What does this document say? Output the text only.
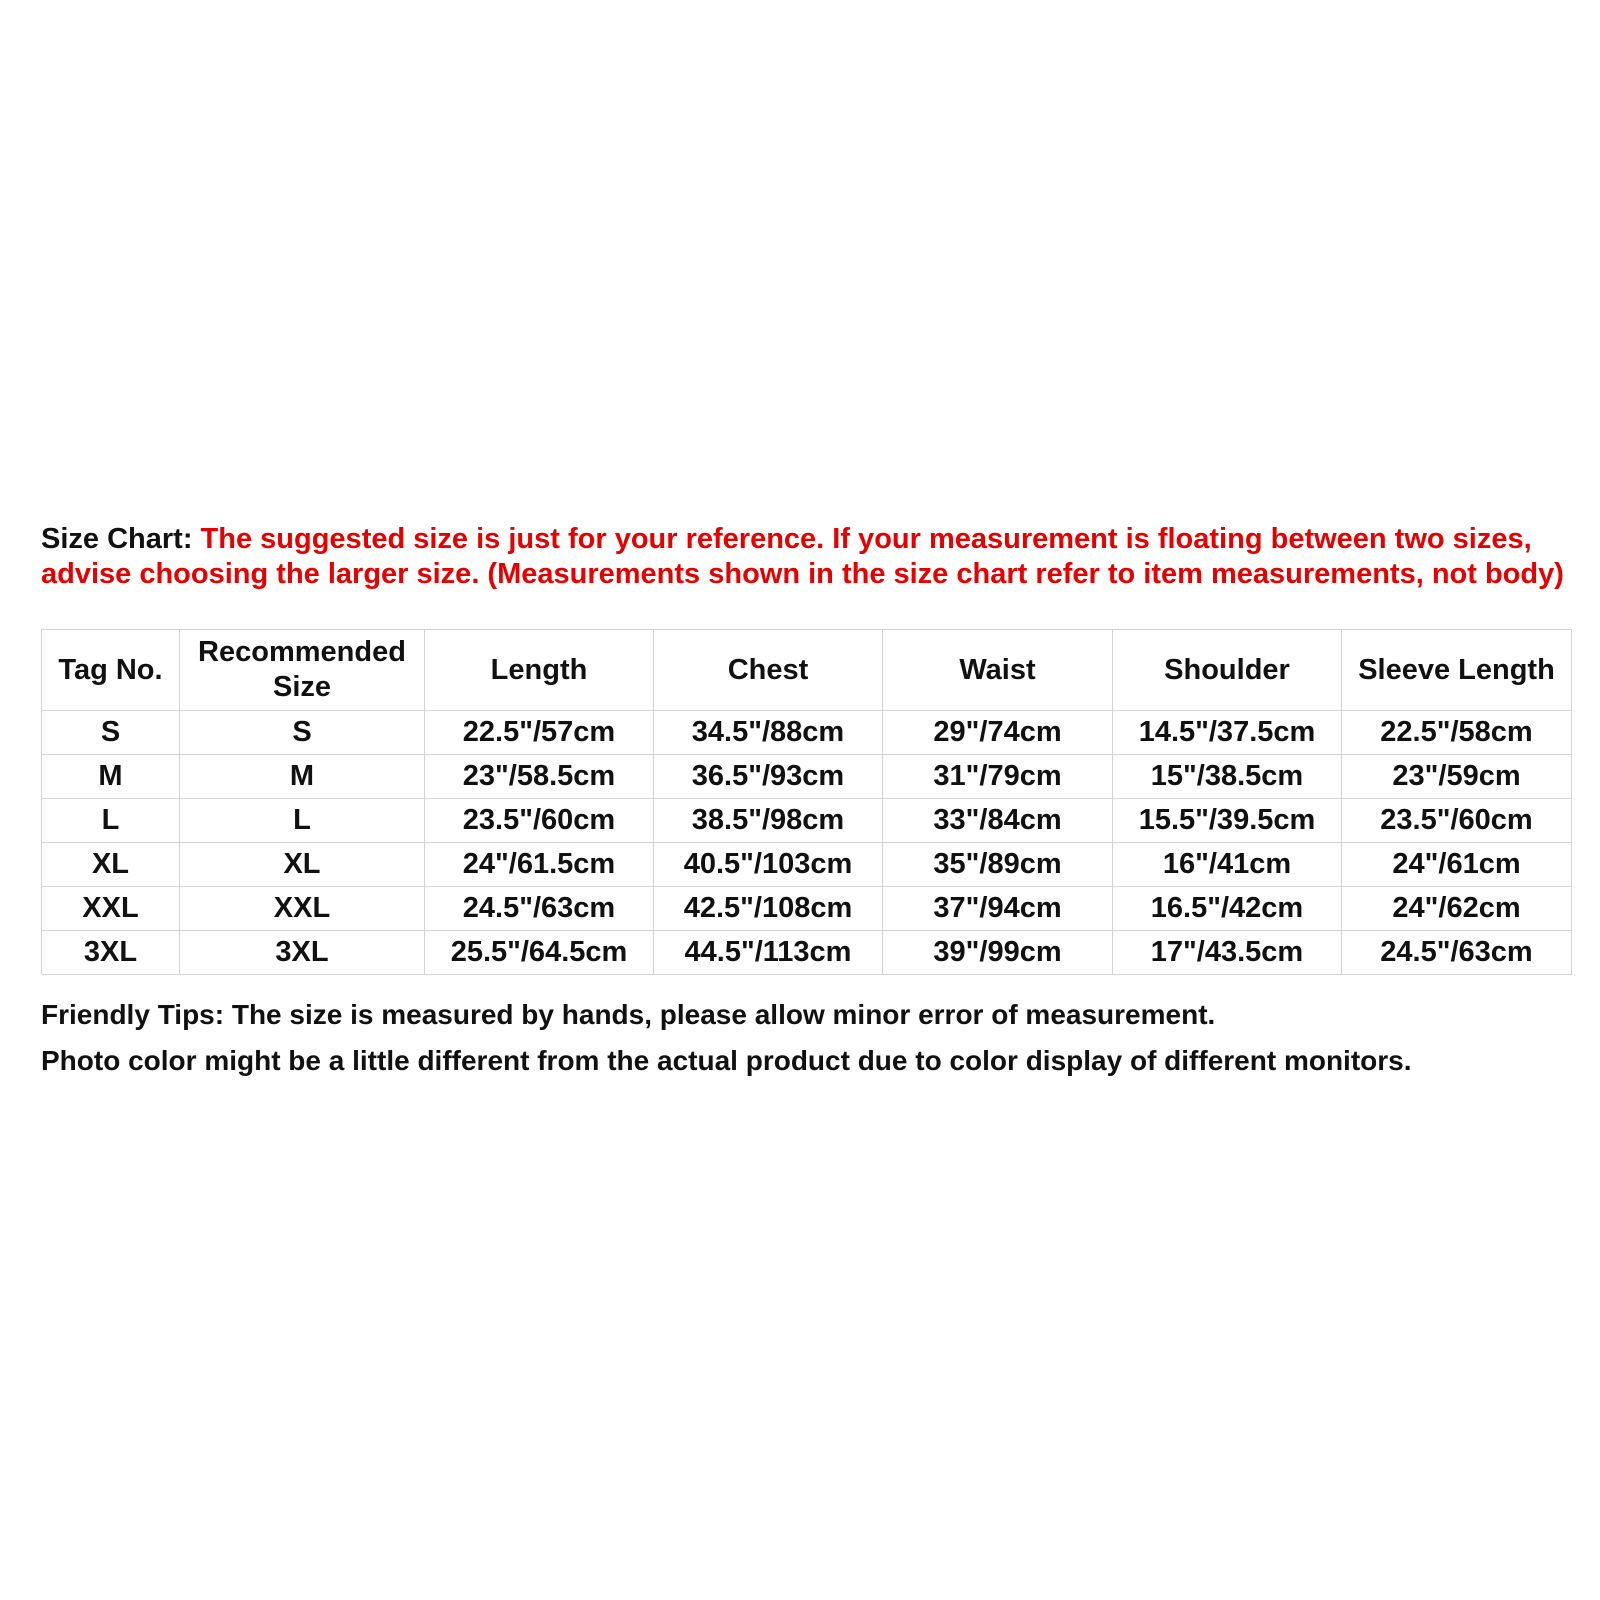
Size Chart: The suggested size is just for your reference. If your measurement is floating between two sizes, advise choosing the larger size. (Measurements shown in the size chart refer to item measurements, not body)
Tag No.	Recommended Size	Length	Chest	Waist	Shoulder	Sleeve Length
S	S	22.5"/57cm	34.5"/88cm	29"/74cm	14.5"/37.5cm	22.5"/58cm
M	M	23"/58.5cm	36.5"/93cm	31"/79cm	15"/38.5cm	23"/59cm
L	L	23.5"/60cm	38.5"/98cm	33"/84cm	15.5"/39.5cm	23.5"/60cm
XL	XL	24"/61.5cm	40.5"/103cm	35"/89cm	16"/41cm	24"/61cm
XXL	XXL	24.5"/63cm	42.5"/108cm	37"/94cm	16.5"/42cm	24"/62cm
3XL	3XL	25.5"/64.5cm	44.5"/113cm	39"/99cm	17"/43.5cm	24.5"/63cm

Friendly Tips: The size is measured by hands, please allow minor error of measurement.

Photo color might be a little different from the actual product due to color display of different monitors.
